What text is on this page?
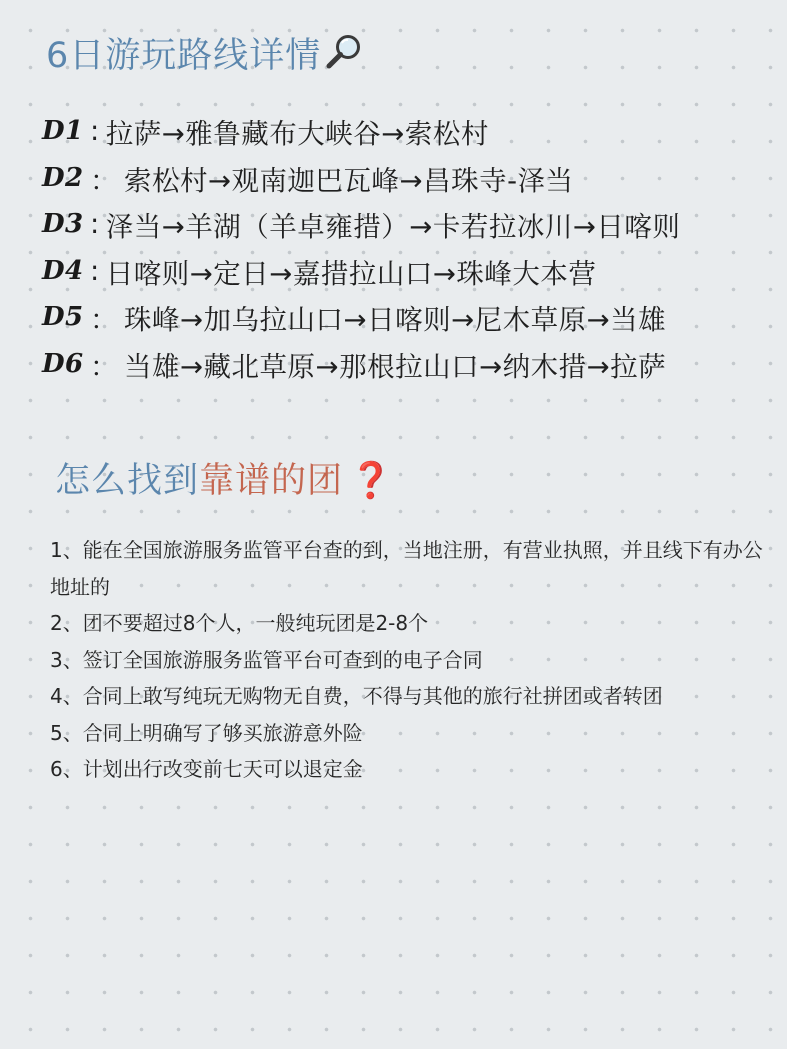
6日游玩路线详情
D1 : 拉萨→雅鲁藏布大峡谷→索松村
D2 ： 索松村→观南迦巴瓦峰→昌珠寺-泽当
D3 : 泽当→羊湖（羊卓雍措）→卡若拉冰川→日喀则
D4 : 日喀则→定日→嘉措拉山口→珠峰大本营
D5 ： 珠峰→加乌拉山口→日喀则→尼木草原→当雄
D6 ： 当雄→藏北草原→那根拉山口→纳木措→拉萨
怎么找到靠谱的团 ❓

1、能在全国旅游服务监管平台查的到，当地注册，有营业执照，并且线下有办公地址的

2、团不要超过8个人，一般纯玩团是2-8个

3、签订全国旅游服务监管平台可查到的电子合同

4、合同上敢写纯玩无购物无自费，不得与其他的旅行社拼团或者转团

5、合同上明确写了够买旅游意外险

6、计划出行改变前七天可以退定金
